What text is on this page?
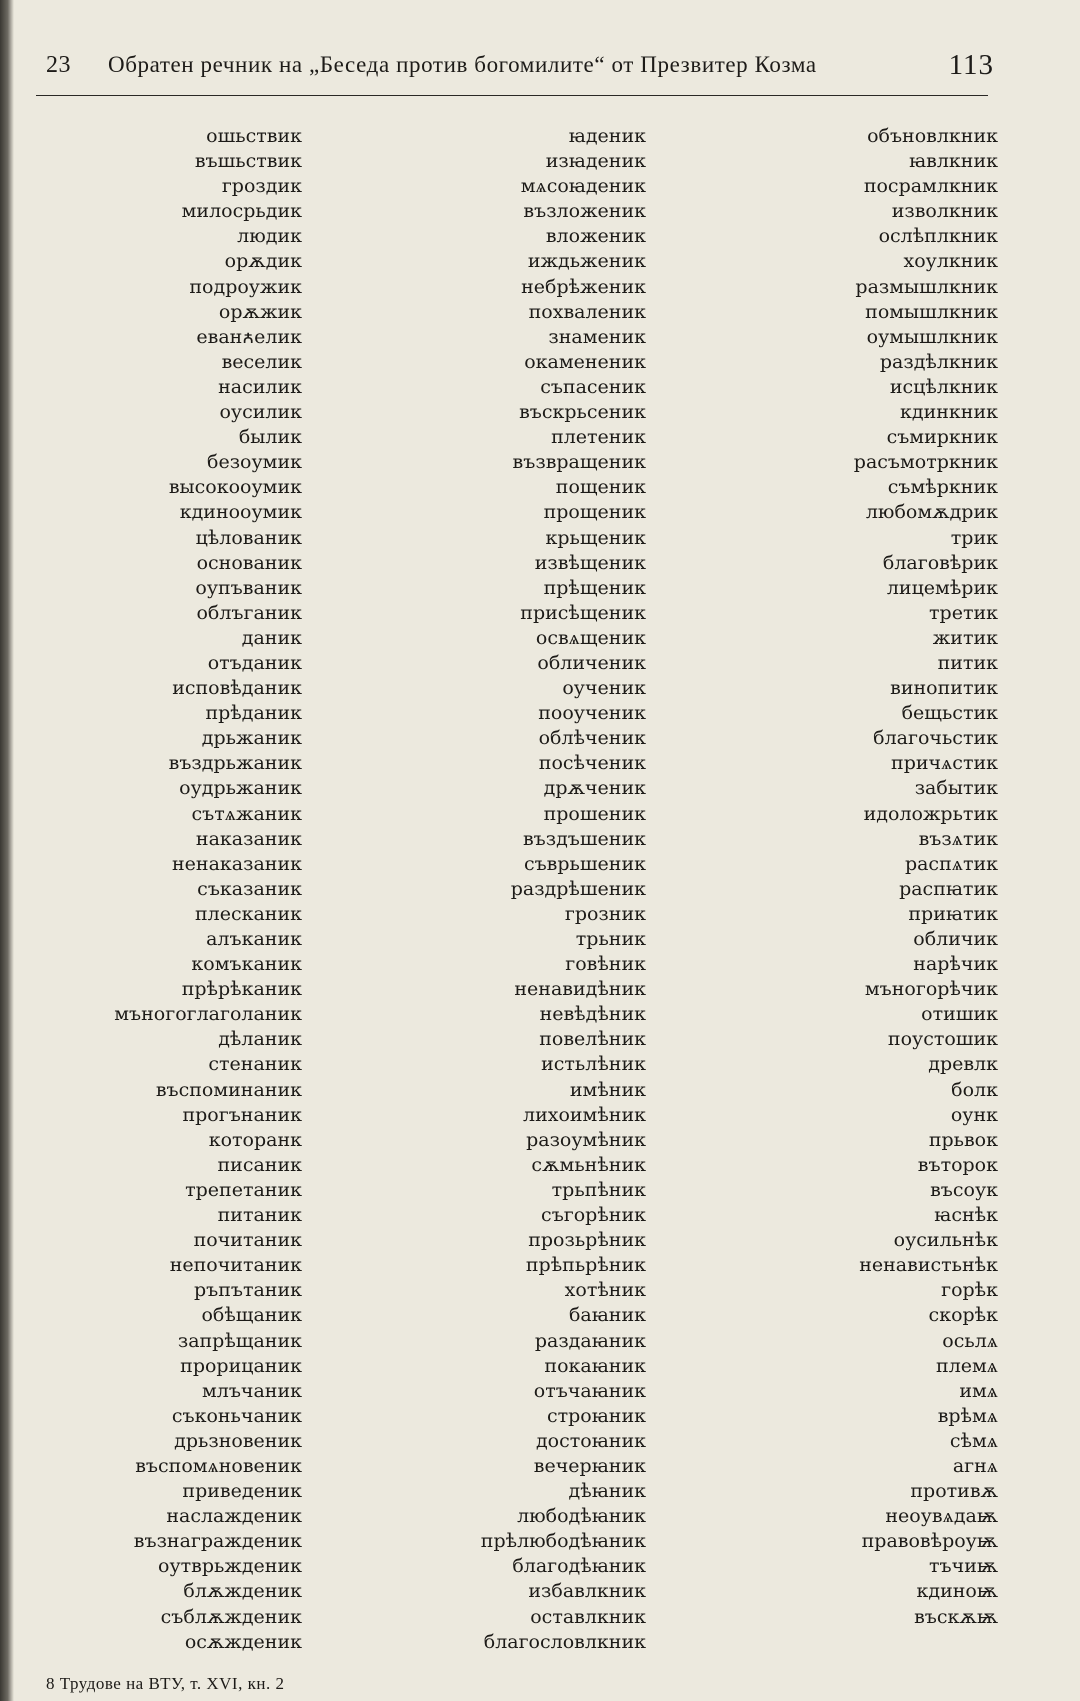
23 Обратен речник на „Беседа против богомилите“ от Презвитер Козма	113
ошьствик
въшьствик
гроздик
милосрьдик
людик
орѫдик
подроужик
орѫжик
еванꙉелик
веселик
насилик
оусилик
былик
безоумик
высокооумик
кдинооумик
цѣлованик
основаник
оупъваник
облъганик
даник
отъданик
исповѣданик
прѣданик
дрьжаник
въздрьжаник
оудрьжаник
сътѧжаник
наказаник
ненаказаник
съказаник
плесканик
алъканик
комъканик
прѣрѣканик
мънoгоглаголаник
дѣланик
стенаник
въспоминаник
прогънаник
которанк
писаник
трепетаник
питаник
почитаник
непочитаник
ръпътаник
обѣщаник
запрѣщаник
прорицаник
млъчаник
съконьчаник
дрьзновеник
въспомѧновеник
приведеник
наслажденик
възнагражденик
оутврьжденик
блѫжденик
съблѫжденик
осѫжденик
ꙗденик
изꙗденик
мѧсоꙗденик
възложеник
вложеник
иждьженик
небрѣженик
похваленик
знаменик
окамененик
съпасеник
въскрьсеник
плетеник
възвращеник
пощеник
прощеник
крьщеник
извѣщеник
прѣщеник
присѣщеник
освѧщеник
обличеник
оученик
пооученик
облѣченик
посѣченик
дрѫченик
прошеник
въздъшеник
съврьшеник
раздрѣшеник
грозник
трьник
говѣник
ненавидѣник
невѣдѣник
повелѣник
истьлѣник
имѣник
лихоимѣник
разоумѣник
сѫмьнѣник
трьпѣник
съгорѣник
прозьрѣник
прѣпьрѣник
хотѣник
баꙗник
раздаꙗник
покаꙗник
отъчаꙗник
строꙗник
достоꙗник
вечерꙗник
дѣꙗник
любодѣꙗник
прѣлюбодѣꙗник
благодѣꙗник
избавлкник
оставлкник
благословлкник
объновлкник
ꙗвлкник
посрамлкник
изволкник
ослѣплкник
хоулкник
размышлкник
помышлкник
оумышлкник
раздѣлкник
исцѣлкник
кдинкник
съмиркник
расъмотркник
съмѣркник
любомѫдрик
трик
благовѣрик
лицемѣрик
третик
житик
питик
винопитик
бещьстик
благочьстик
причѧстик
забытик
идоложрьтик
възѧтик
распѧтик
распꙗтик
приꙗтик
обличик
нарѣчик
мънoгорѣчик
отишик
поустошик
древлк
болк
оунк
прьвок
въторок
въсоук
ꙗснѣк
оусильнѣк
ненавистьнѣк
горѣк
скорѣк
осьлѧ
племѧ
имѧ
врѣмѧ
сѣмѧ
агнѧ
противѫ
неоувѧдаѭ
правовѣроуѭ
тъчиѭ
кдиноѭ
въскѫѭ
8 Трудове на ВТУ, т. XVI, кн. 2
